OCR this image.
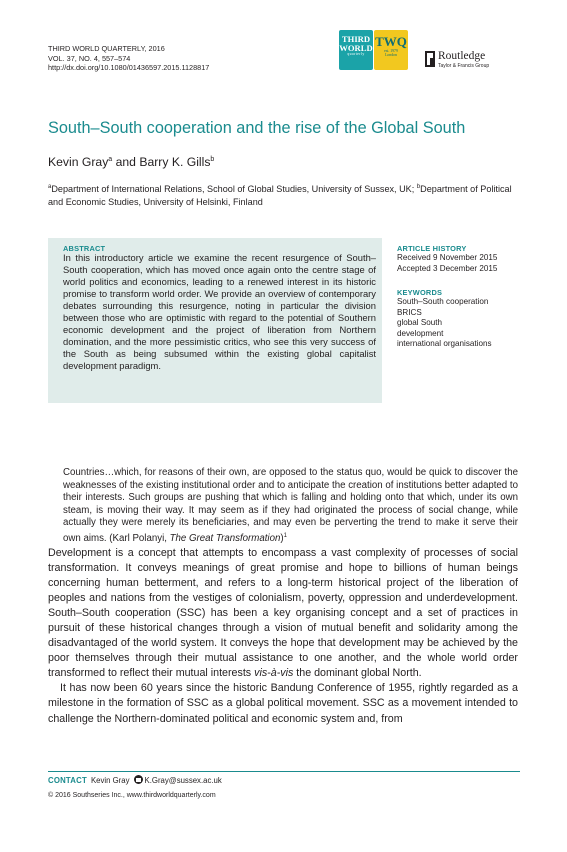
THIRD WORLD QUARTERLY, 2016
VOL. 37, NO. 4, 557–574
http://dx.doi.org/10.1080/01436597.2015.1128817
THIRD
WORLD
quarterly
TWQ
est. 1979
London	Routledge
Taylor & Francis Group
South–South cooperation and the rise of the Global South
Kevin Gray$^a$ and Barry K. Gills$^b$
$^a$Department of International Relations, School of Global Studies, University of Sussex, UK; $^b$Department of Political and Economic Studies, University of Helsinki, Finland
ABSTRACT
In this introductory article we examine the recent resurgence of South–South cooperation, which has moved once again onto the centre stage of world politics and economics, leading to a renewed interest in its historic promise to transform world order. We provide an overview of contemporary debates surrounding this resurgence, noting in particular the division between those who are optimistic with regard to the potential of Southern economic development and the project of liberation from Northern domination, and the more pessimistic critics, who see this very success of the South as being subsumed within the existing global capitalist development paradigm.
ARTICLE HISTORY
Received 9 November 2015
Accepted 3 December 2015
KEYWORDS
South–South cooperation
BRICS
global South
development
international organisations
Countries…which, for reasons of their own, are opposed to the status quo, would be quick to discover the weaknesses of the existing institutional order and to anticipate the creation of institutions better adapted to their interests. Such groups are pushing that which is falling and holding onto that which, under its own steam, is moving their way. It may seem as if they had originated the process of social change, while actually they were merely its beneficiaries, and may even be perverting the trend to make it serve their own aims. (Karl Polanyi, The Great Transformation)$^1$

Development is a concept that attempts to encompass a vast complexity of processes of social transformation. It conveys meanings of great promise and hope to billions of human beings concerning human betterment, and refers to a long-term historical project of the liberation of peoples and nations from the vestiges of colonialism, poverty, oppression and underdevelopment. South–South cooperation (SSC) has been a key organising concept and a set of practices in pursuit of these historical changes through a vision of mutual benefit and solidarity among the disadvantaged of the world system. It conveys the hope that development may be achieved by the poor themselves through their mutual assistance to one another, and the whole world order transformed to reflect their mutual interests vis-à-vis the dominant global North.

It has now been 60 years since the historic Bandung Conference of 1955, rightly regarded as a milestone in the formation of SSC as a global political movement. SSC as a movement intended to challenge the Northern-dominated political and economic system and, from

CONTACT Kevin Gray K.Gray@sussex.ac.uk
© 2016 Southseries Inc., www.thirdworldquarterly.com
